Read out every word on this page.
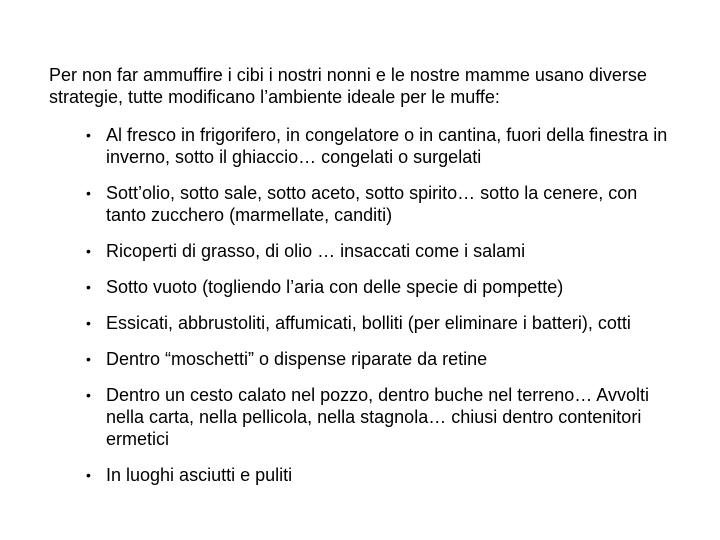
Per non far ammuffire i cibi i nostri nonni e le nostre mamme usano diverse strategie, tutte modificano l’ambiente ideale per le muffe:

• Al fresco in frigorifero, in congelatore o in cantina, fuori della finestra in inverno, sotto il ghiaccio… congelati o surgelati
• Sott’olio, sotto sale, sotto aceto, sotto spirito… sotto la cenere, con tanto zucchero (marmellate, canditi)
• Ricoperti di grasso, di olio … insaccati come i salami
• Sotto vuoto (togliendo l’aria con delle specie di pompette)
• Essicati, abbrustoliti, affumicati, bolliti (per eliminare i batteri), cotti
• Dentro “moschetti” o dispense riparate da retine
• Dentro un cesto calato nel pozzo, dentro buche nel terreno… Avvolti nella carta, nella pellicola, nella stagnola… chiusi dentro contenitori ermetici
• In luoghi asciutti e puliti
